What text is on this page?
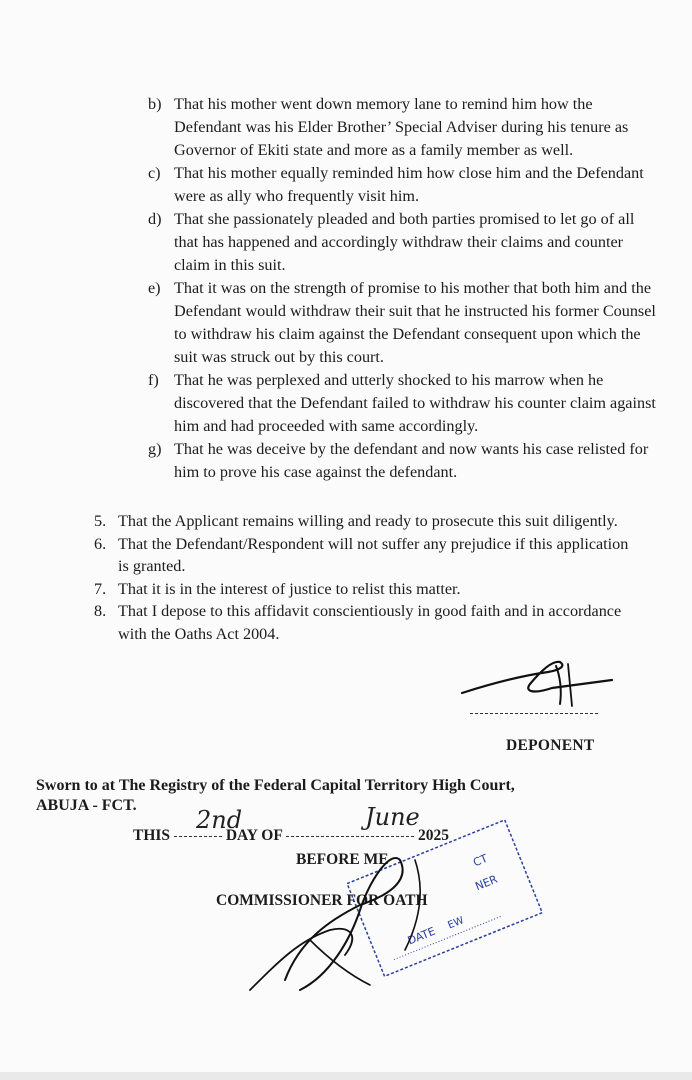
b) That his mother went down memory lane to remind him how the Defendant was his Elder Brother’ Special Adviser during his tenure as Governor of Ekiti state and more as a family member as well.
c) That his mother equally reminded him how close him and the Defendant were as ally who frequently visit him.
d) That she passionately pleaded and both parties promised to let go of all that has happened and accordingly withdraw their claims and counter claim in this suit.
e) That it was on the strength of promise to his mother that both him and the Defendant would withdraw their suit that he instructed his former Counsel to withdraw his claim against the Defendant consequent upon which the suit was struck out by this court.
f) That he was perplexed and utterly shocked to his marrow when he discovered that the Defendant failed to withdraw his counter claim against him and had proceeded with same accordingly.
g) That he was deceive by the defendant and now wants his case relisted for him to prove his case against the defendant.
5. That the Applicant remains willing and ready to prosecute this suit diligently.
6. That the Defendant/Respondent will not suffer any prejudice if this application is granted.
7. That it is in the interest of justice to relist this matter.
8. That I depose to this affidavit conscientiously in good faith and in accordance with the Oaths Act 2004.
DEPONENT
Sworn to at The Registry of the Federal Capital Territory High Court,
ABUJA - FCT.
THIS	DAY OF	2025
2nd	June
BEFORE ME
COMMISSIONER FOR OATH
CT
NER
DATE
EW
